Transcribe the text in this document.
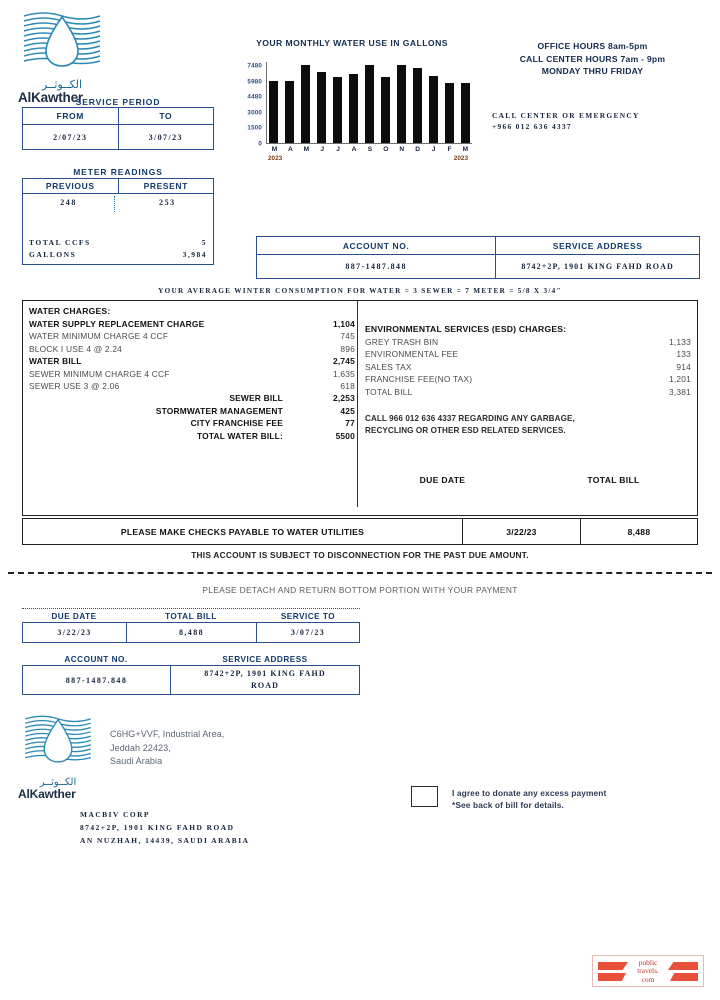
الكــوثــر
AlKawther
SERVICE PERIOD
FROM	TO
2/07/23	3/07/23
METER READINGS
PREVIOUS	PRESENT

248	253
TOTAL CCFS	5
GALLONS	3,984
YOUR MONTHLY WATER USE IN GALLONS
7480
5980
4480
3000
1500
0
M	A	M	J	J	A	S	O	N	D	J	F	M
2023	2023
OFFICE HOURS 8am-5pm
CALL CENTER HOURS 7am - 9pm
MONDAY THRU FRIDAY
CALL CENTER OR EMERGENCY
+966 012 636 4337
ACCOUNT NO.	SERVICE ADDRESS
887-1487.848	8742+2P, 1901 KING FAHD ROAD
YOUR AVERAGE WINTER CONSUMPTION FOR WATER = 3 SEWER = 7 METER = 5/8 X 3/4"
WATER CHARGES:
WATER SUPPLY REPLACEMENT CHARGE	1,104
WATER MINIMUM CHARGE 4 CCF	745
BLOCK I USE 4 @ 2.24	896
WATER BILL	2,745
SEWER MINIMUM CHARGE 4 CCF	1,635
SEWER USE 3 @ 2.06	618
SEWER BILL	2,253
STORMWATER MANAGEMENT	425
CITY FRANCHISE FEE	77
TOTAL WATER BILL:	5500
ENVIRONMENTAL SERVICES (ESD) CHARGES:
GREY TRASH BIN	1,133
ENVIRONMENTAL FEE	133
SALES TAX	914
FRANCHISE FEE(NO TAX)	1,201
TOTAL BILL	3,381
CALL 966 012 636 4337 REGARDING ANY GARBAGE,
RECYCLING OR OTHER ESD RELATED SERVICES.
DUE DATE	TOTAL BILL
PLEASE MAKE CHECKS PAYABLE TO WATER UTILITIES	3/22/23	8,488
THIS ACCOUNT IS SUBJECT TO DISCONNECTION FOR THE PAST DUE AMOUNT.
PLEASE DETACH AND RETURN BOTTOM PORTION WITH YOUR PAYMENT
DUE DATE	TOTAL BILL	SERVICE TO
3/22/23	8,488	3/07/23
ACCOUNT NO.	SERVICE ADDRESS
887-1487.848	
8742+2P, 1901 KING FAHD
ROAD
الكــوثــر
AlKawther
C6HG+VVF, Industrial Area,
Jeddah 22423,
Saudi Arabia
MACBIV CORP
8742+2P, 1901 KING FAHD ROAD
AN NUZHAH, 14439, SAUDI ARABIA
I agree to donate any excess payment
*See back of bill for details.
public
travels.
com
